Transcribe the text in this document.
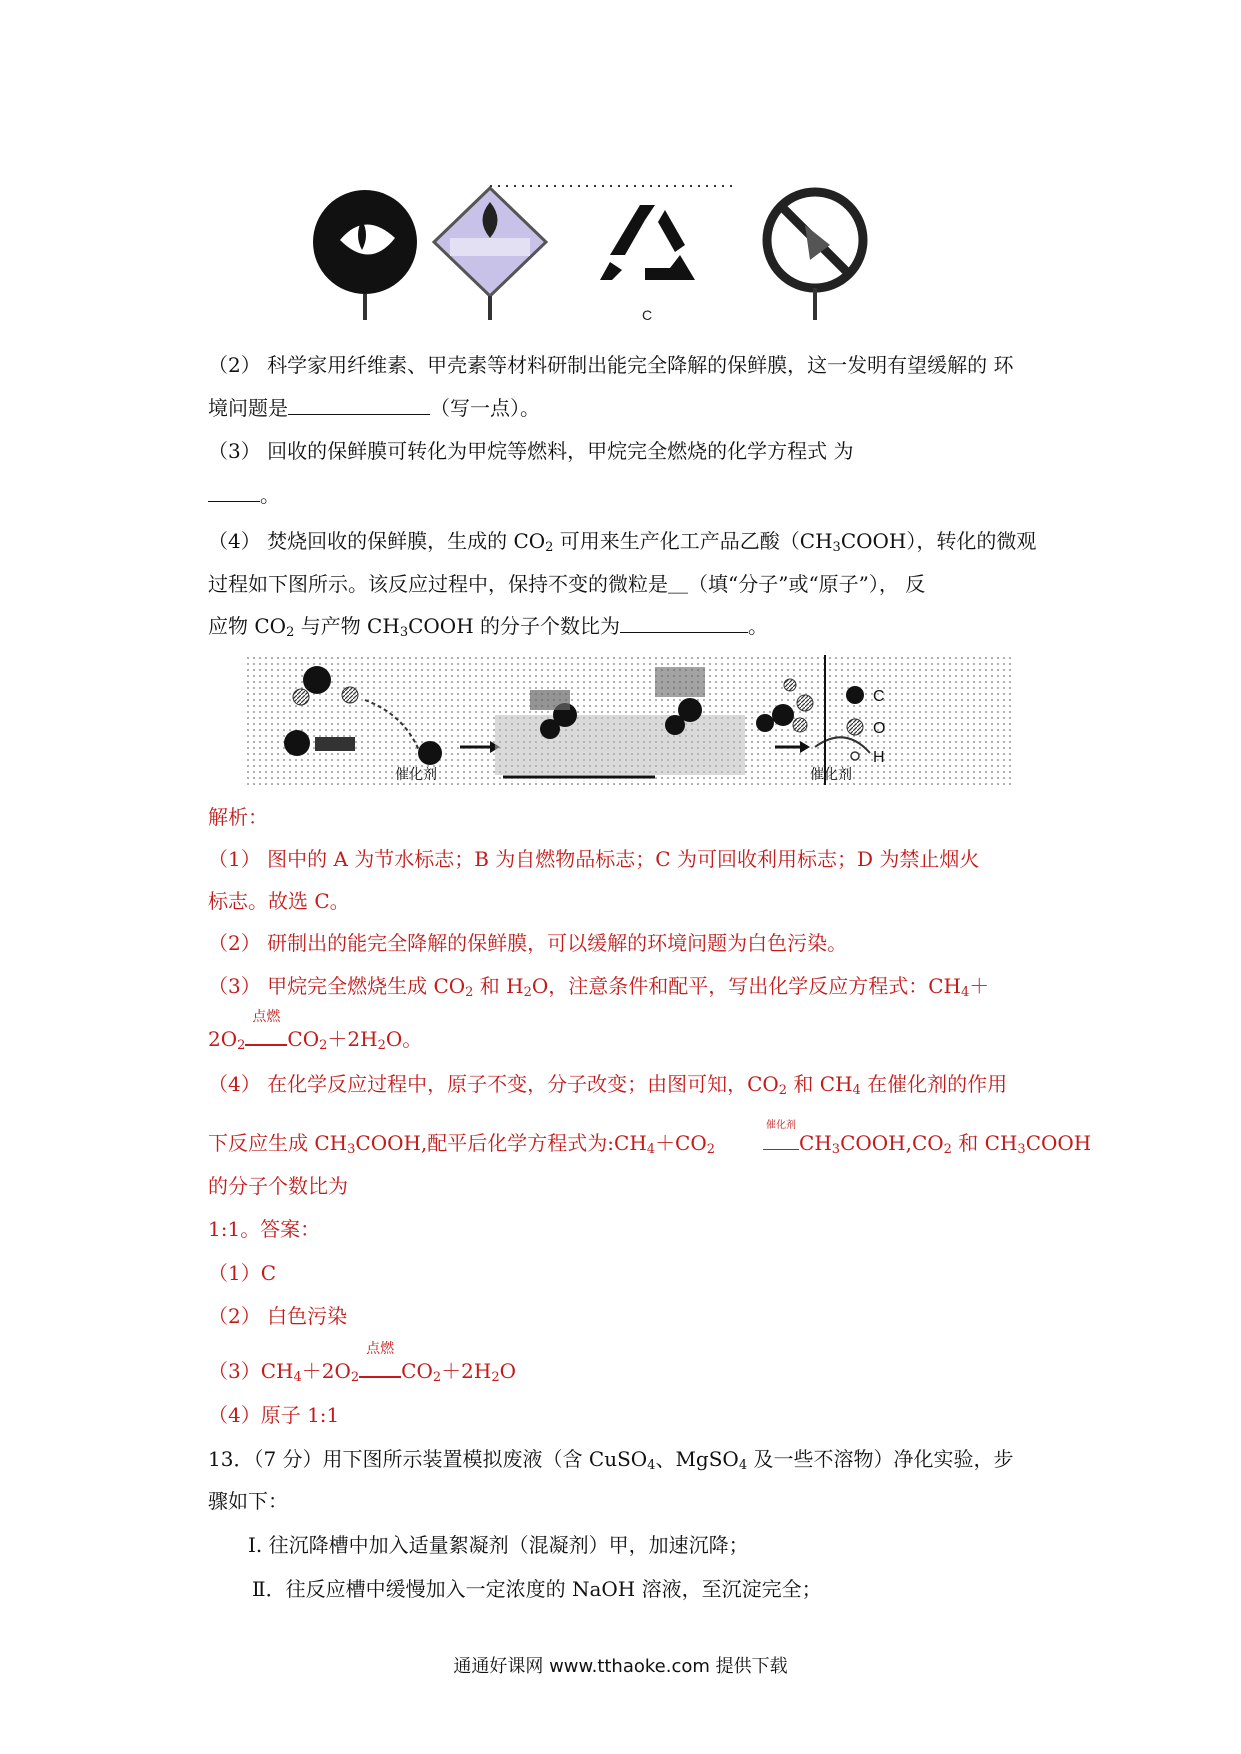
C
（2） 科学家用纤维素、甲壳素等材料研制出能完全降解的保鲜膜，这一发明有望缓解的 环
境问题是	（写一点）。
（3） 回收的保鲜膜可转化为甲烷等燃料，甲烷完全燃烧的化学方程式 为
。
（4） 焚烧回收的保鲜膜，生成的 $CO_2$ 可用来生产化工产品乙酸$(CH_3COOH)$，转化的微观
过程如下图所示。该反应过程中，保持不变的微粒是＿（填“分子”或“原子”）， 反
应物 $CO_2$ 与产物 $CH_3COOH$ 的分子个数比为	。
催化剂	催化剂
C
O
H
解析：
（1） 图中的 A 为节水标志；B 为自燃物品标志；C 为可回收利用标志；D 为禁止烟火
标志。故选 C。
（2） 研制出的能完全降解的保鲜膜，可以缓解的环境问题为白色污染。
（3） 甲烷完全燃烧生成 $CO_2$ 和 $H_2O$，注意条件和配平，写出化学反应方程式：$CH_4+$
$2O_2$
点燃
$CO_2+2H_2O$。
（4） 在化学反应过程中，原子不变，分子改变；由图可知，$CO_2$ 和 $CH_4$ 在催化剂的作用
下反应生成 $CH_3COOH$,配平后化学方程式为$:CH_4+CO_2$
催化剂
$CH_3COOH,CO_2$ 和 $CH_3COOH$
的分子个数比为
1:1。答案：
（1）C
（2） 白色污染
$(3)CH_4+2O_2$
点燃
$CO_2+2H_2O$
（4）原子 1:1
13．（7 分）用下图所示装置模拟废液（含 CuSO$_4$、MgSO$_4$ 及一些不溶物）净化实验，步
骤如下：
I. 往沉降槽中加入适量絮凝剂（混凝剂）甲，加速沉降；
Ⅱ．往反应槽中缓慢加入一定浓度的 NaOH 溶液，至沉淀完全；
通通好课网 www.tthaoke.com 提供下载
